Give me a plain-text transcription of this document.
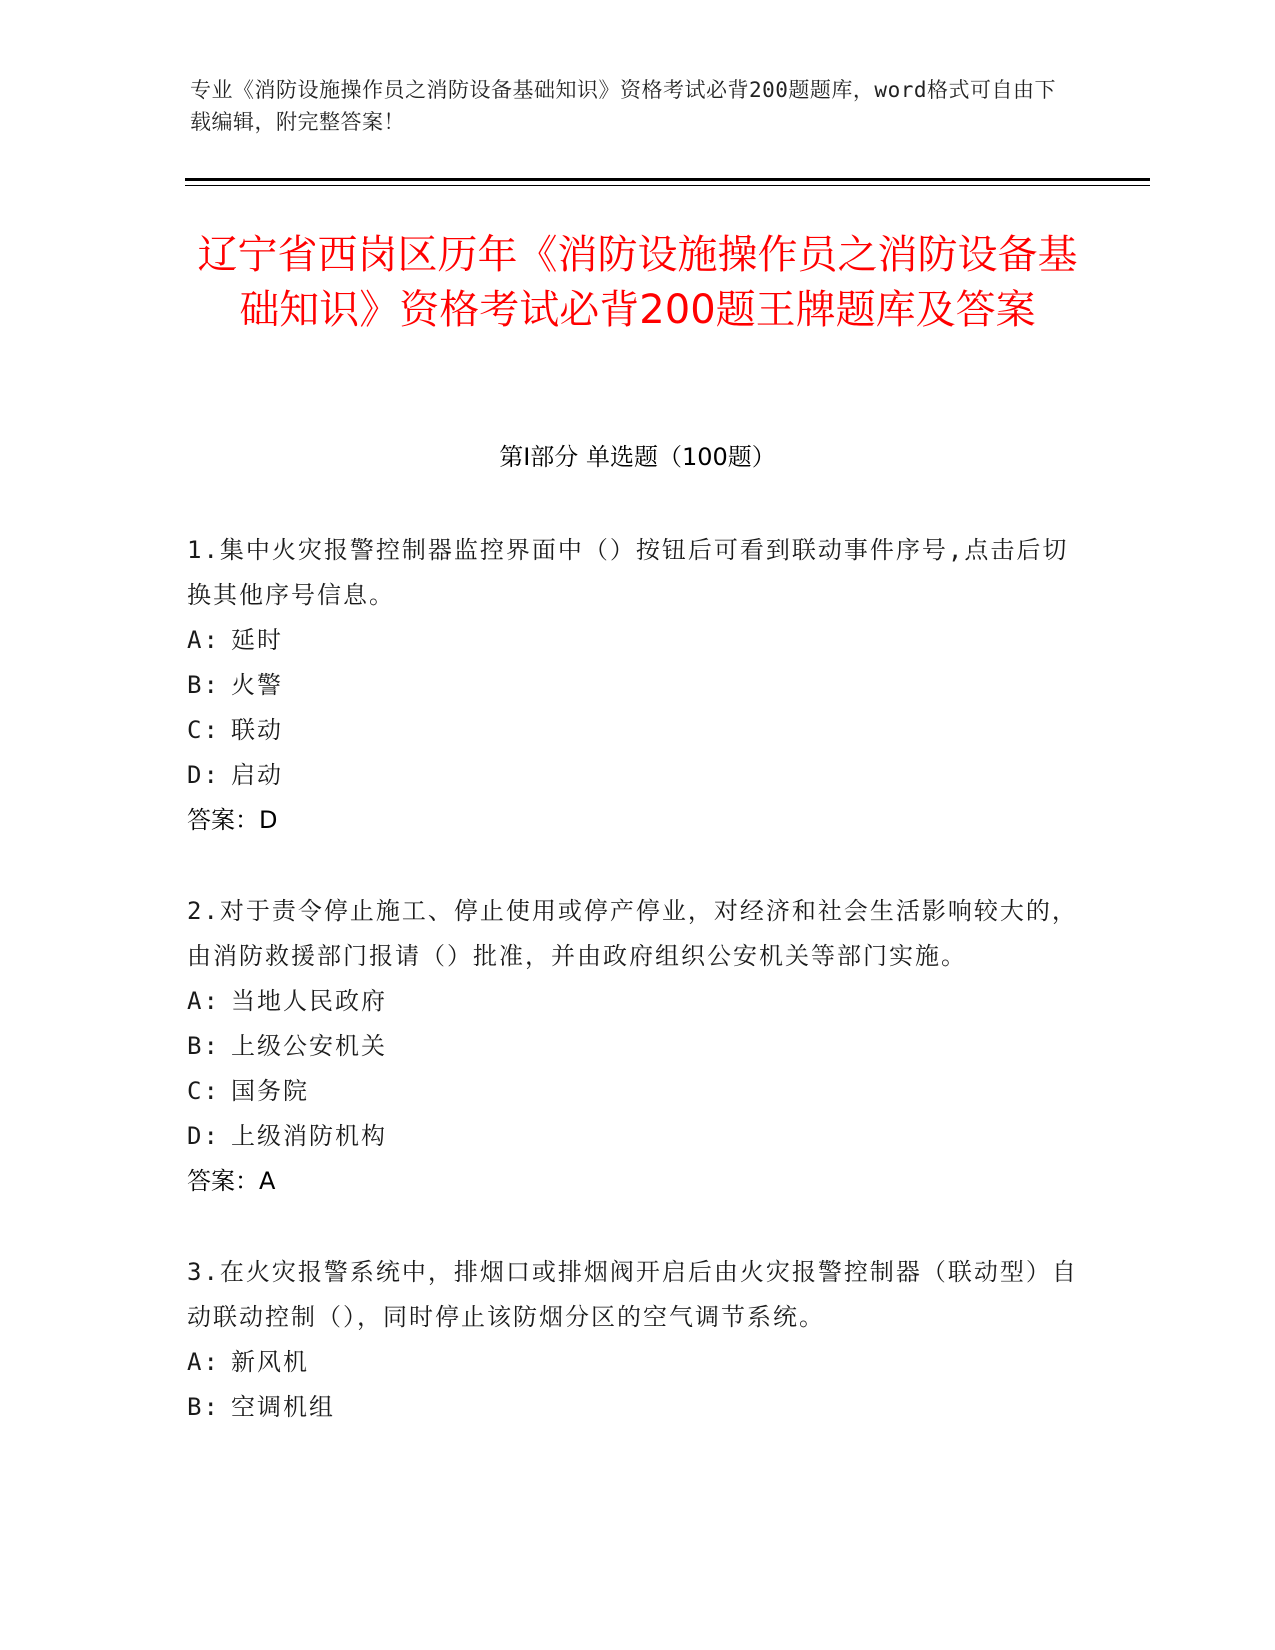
专业《消防设施操作员之消防设备基础知识》资格考试必背200题题库，word格式可自由下载编辑，附完整答案！
辽宁省西岗区历年《消防设施操作员之消防设备基础知识》资格考试必背200题王牌题库及答案
第Ⅰ部分 单选题（100题）

1.集中火灾报警控制器监控界面中（）按钮后可看到联动事件序号,点击后切换其他序号信息。

A: 延时

B: 火警

C: 联动

D: 启动

答案：D

2.对于责令停止施工、停止使用或停产停业，对经济和社会生活影响较大的，由消防救援部门报请（）批准，并由政府组织公安机关等部门实施。

A: 当地人民政府

B: 上级公安机关

C: 国务院

D: 上级消防机构

答案：A

3.在火灾报警系统中，排烟口或排烟阀开启后由火灾报警控制器（联动型）自动联动控制（），同时停止该防烟分区的空气调节系统。

A: 新风机

B: 空调机组
